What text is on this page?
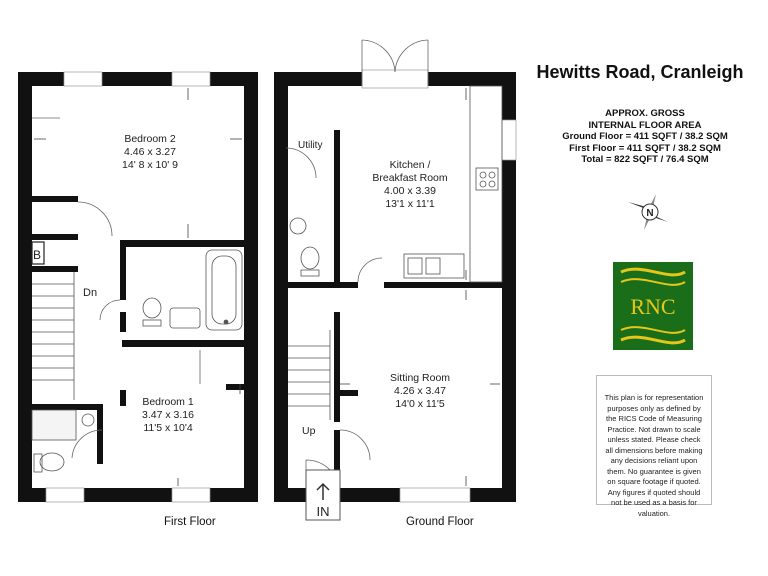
B
Dn
Bedroom 2
4.46 x 3.27
14' 8 x 10' 9
Bedroom 1
3.47 x 3.16
11'5 x 10'4
IN
Utility
Kitchen /
Breakfast Room
4.00 x 3.39
13'1 x 11'1
Sitting Room
4.26 x 3.47
14'0 x 11'5
Up
N
Hewitts Road, Cranleigh
APPROX. GROSS
INTERNAL FLOOR AREA
Ground Floor = 411 SQFT / 38.2 SQM
First Floor = 411 SQFT / 38.2 SQM
Total = 822 SQFT / 76.4 SQM
RNC
This plan is for representation purposes only as defined by the RICS Code of Measuring Practice. Not drawn to scale unless stated. Please check all dimensions before making any decisions reliant upon them. No guarantee is given on square footage if quoted. Any figures if quoted should not be used as a basis for valuation.
First Floor	Ground Floor
